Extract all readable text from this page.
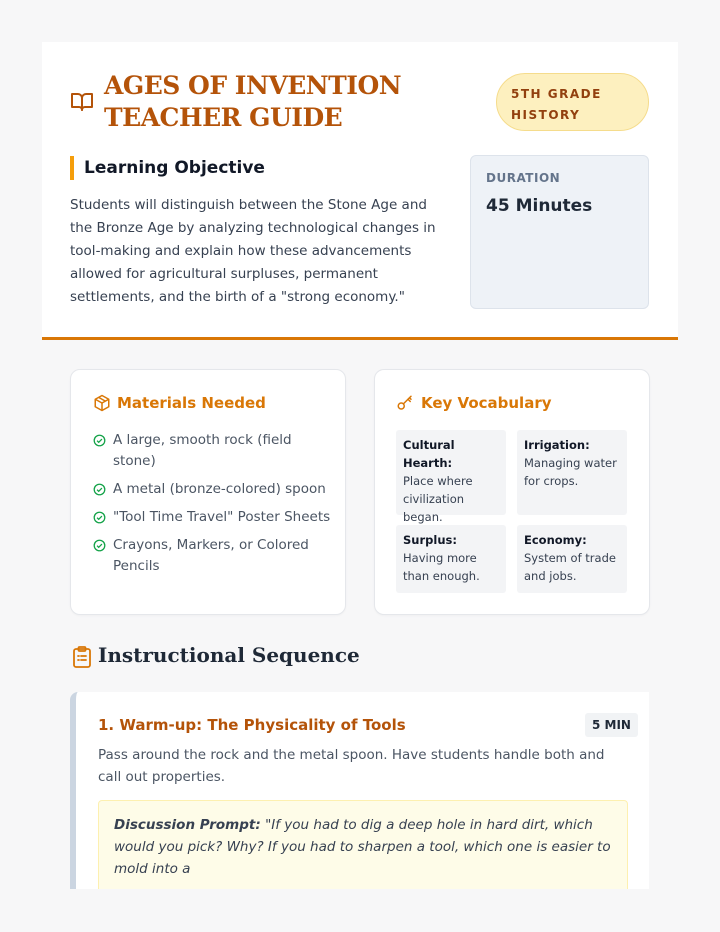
AGES OF INVENTION TEACHER GUIDE
5TH GRADE
HISTORY
Learning Objective
Students will distinguish between the Stone Age and the Bronze Age by analyzing technological changes in tool-making and explain how these advancements allowed for agricultural surpluses, permanent settlements, and the birth of a "strong economy."
DURATION
45 Minutes
Materials Needed
A large, smooth rock (field stone)
A metal (bronze-colored) spoon
"Tool Time Travel" Poster Sheets
Crayons, Markers, or Colored Pencils
Key Vocabulary
Cultural Hearth:
Place where civilization began.
Irrigation:
Managing water for crops.
Surplus: Having more than enough.
Economy:
System of trade and jobs.
Instructional Sequence
1. Warm-up: The Physicality of Tools	5 MIN
Pass around the rock and the metal spoon. Have students handle both and call out properties.
Discussion Prompt: "If you had to dig a deep hole in hard dirt, which would you pick? Why? If you had to sharpen a tool, which one is easier to mold into a
